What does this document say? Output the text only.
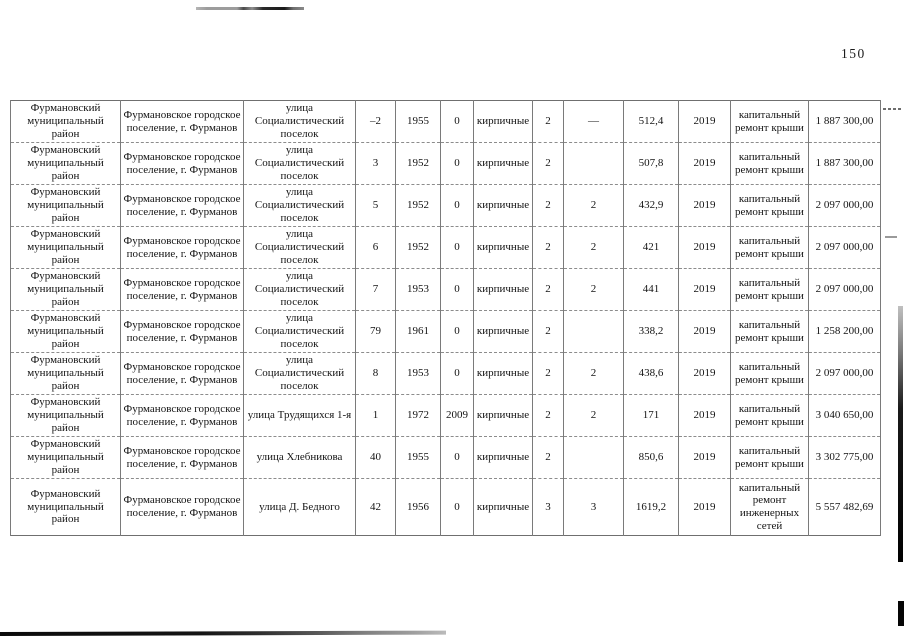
150
Фурмановский муниципальный район	Фурмановское городское поселение, г. Фурманов	улица Социалистический поселок	–2	1955	0	кирпичные	2	—	512,4	2019	капитальный ремонт крыши	1 887 300,00
Фурмановский муниципальный район	Фурмановское городское поселение, г. Фурманов	улица Социалистический поселок	3	1952	0	кирпичные	2		507,8	2019	капитальный ремонт крыши	1 887 300,00
Фурмановский муниципальный район	Фурмановское городское поселение, г. Фурманов	улица Социалистический поселок	5	1952	0	кирпичные	2	2	432,9	2019	капитальный ремонт крыши	2 097 000,00
Фурмановский муниципальный район	Фурмановское городское поселение, г. Фурманов	улица Социалистический поселок	6	1952	0	кирпичные	2	2	421	2019	капитальный ремонт крыши	2 097 000,00
Фурмановский муниципальный район	Фурмановское городское поселение, г. Фурманов	улица Социалистический поселок	7	1953	0	кирпичные	2	2	441	2019	капитальный ремонт крыши	2 097 000,00
Фурмановский муниципальный район	Фурмановское городское поселение, г. Фурманов	улица Социалистический поселок	79	1961	0	кирпичные	2		338,2	2019	капитальный ремонт крыши	1 258 200,00
Фурмановский муниципальный район	Фурмановское городское поселение, г. Фурманов	улица Социалистический поселок	8	1953	0	кирпичные	2	2	438,6	2019	капитальный ремонт крыши	2 097 000,00
Фурмановский муниципальный район	Фурмановское городское поселение, г. Фурманов	улица Трудящихся 1-я	1	1972	2009	кирпичные	2	2	171	2019	капитальный ремонт крыши	3 040 650,00
Фурмановский муниципальный район	Фурмановское городское поселение, г. Фурманов	улица Хлебникова	40	1955	0	кирпичные	2		850,6	2019	капитальный ремонт крыши	3 302 775,00
Фурмановский муниципальный район	Фурмановское городское поселение, г. Фурманов	улица Д. Бедного	42	1956	0	кирпичные	3	3	1619,2	2019	капитальный ремонт инженерных сетей	5 557 482,69
